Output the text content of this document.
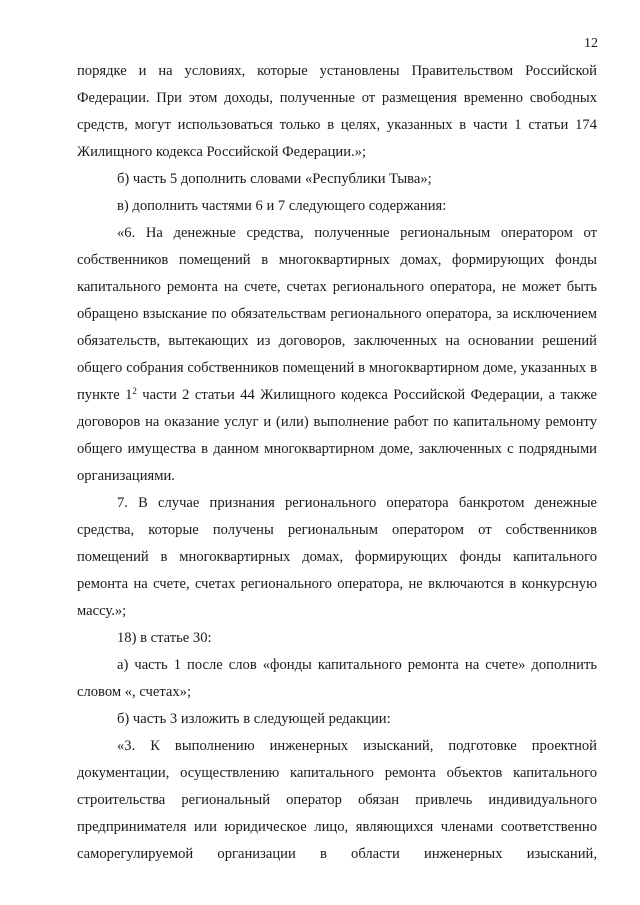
12

порядке и на условиях, которые установлены Правительством Российской Федерации. При этом доходы, полученные от размещения временно свободных средств, могут использоваться только в целях, указанных в части 1 статьи 174 Жилищного кодекса Российской Федерации.»;

б) часть 5 дополнить словами «Республики Тыва»;

в) дополнить частями 6 и 7 следующего содержания:

«6. На денежные средства, полученные региональным оператором от собственников помещений в многоквартирных домах, формирующих фонды капитального ремонта на счете, счетах регионального оператора, не может быть обращено взыскание по обязательствам регионального оператора, за исключением обязательств, вытекающих из договоров, заключенных на основании решений общего собрания собственников помещений в многоквартирном доме, указанных в пункте $1^2$ части 2 статьи 44 Жилищного кодекса Российской Федерации, а также договоров на оказание услуг и (или) выполнение работ по капитальному ремонту общего имущества в данном многоквартирном доме, заключенных с подрядными организациями.

7. В случае признания регионального оператора банкротом денежные средства, которые получены региональным оператором от собственников помещений в многоквартирных домах, формирующих фонды капитального ремонта на счете, счетах регионального оператора, не включаются в конкурсную массу.»;

18) в статье 30:

а) часть 1 после слов «фонды капитального ремонта на счете» дополнить словом «, счетах»;

б) часть 3 изложить в следующей редакции:

«3. К выполнению инженерных изысканий, подготовке проектной документации, осуществлению капитального ремонта объектов капитального строительства региональный оператор обязан привлечь индивидуального предпринимателя или юридическое лицо, являющихся членами соответственно саморегулируемой организации в области инженерных изысканий,
